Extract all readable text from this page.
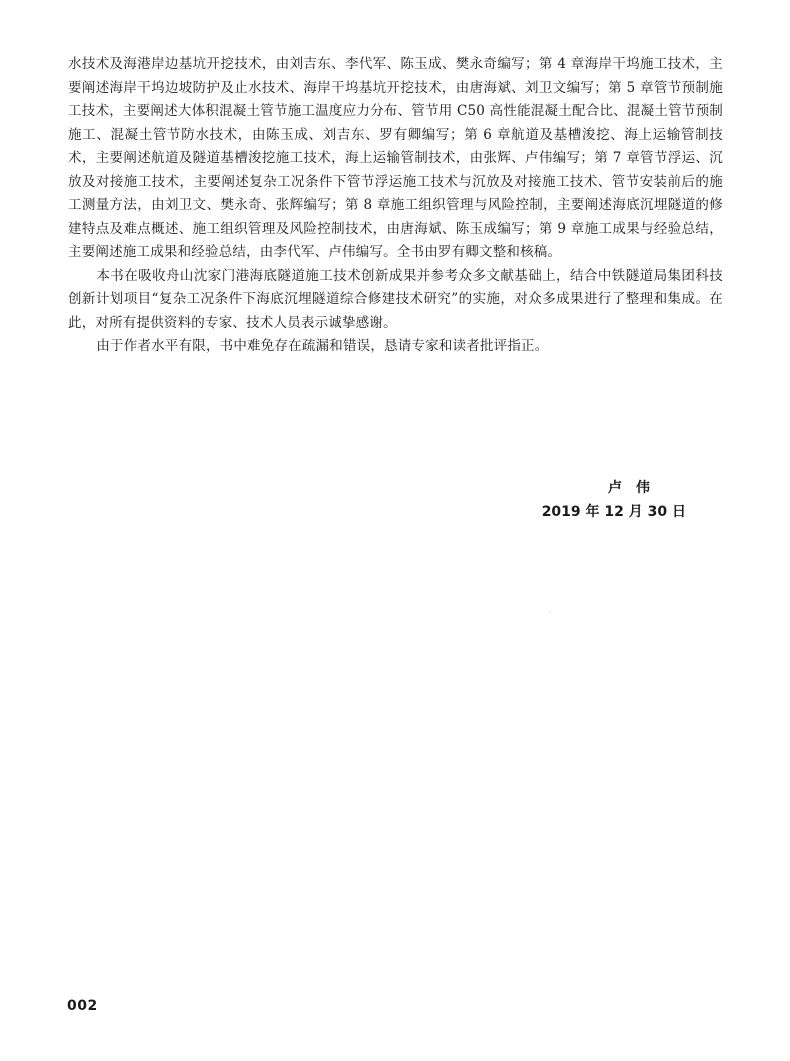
水技术及海港岸边基坑开挖技术，由刘吉东、李代军、陈玉成、樊永奇编写；第 4 章海岸干坞施工技术，主要阐述海岸干坞边坡防护及止水技术、海岸干坞基坑开挖技术，由唐海斌、刘卫文编写；第 5 章管节预制施工技术，主要阐述大体积混凝土管节施工温度应力分布、管节用 C50 高性能混凝土配合比、混凝土管节预制施工、混凝土管节防水技术，由陈玉成、刘吉东、罗有卿编写；第 6 章航道及基槽浚挖、海上运输管制技术，主要阐述航道及隧道基槽浚挖施工技术，海上运输管制技术，由张辉、卢伟编写；第 7 章管节浮运、沉放及对接施工技术，主要阐述复杂工况条件下管节浮运施工技术与沉放及对接施工技术、管节安装前后的施工测量方法，由刘卫文、樊永奇、张辉编写；第 8 章施工组织管理与风险控制，主要阐述海底沉埋隧道的修建特点及难点概述、施工组织管理及风险控制技术，由唐海斌、陈玉成编写；第 9 章施工成果与经验总结，主要阐述施工成果和经验总结，由李代军、卢伟编写。全书由罗有卿文整和核稿。

本书在吸收舟山沈家门港海底隧道施工技术创新成果并参考众多文献基础上，结合中铁隧道局集团科技创新计划项目“复杂工况条件下海底沉埋隧道综合修建技术研究”的实施，对众多成果进行了整理和集成。在此，对所有提供资料的专家、技术人员表示诚挚感谢。

由于作者水平有限，书中难免存在疏漏和错误，恳请专家和读者批评指正。

卢伟
2019 年 12 月 30 日
002
